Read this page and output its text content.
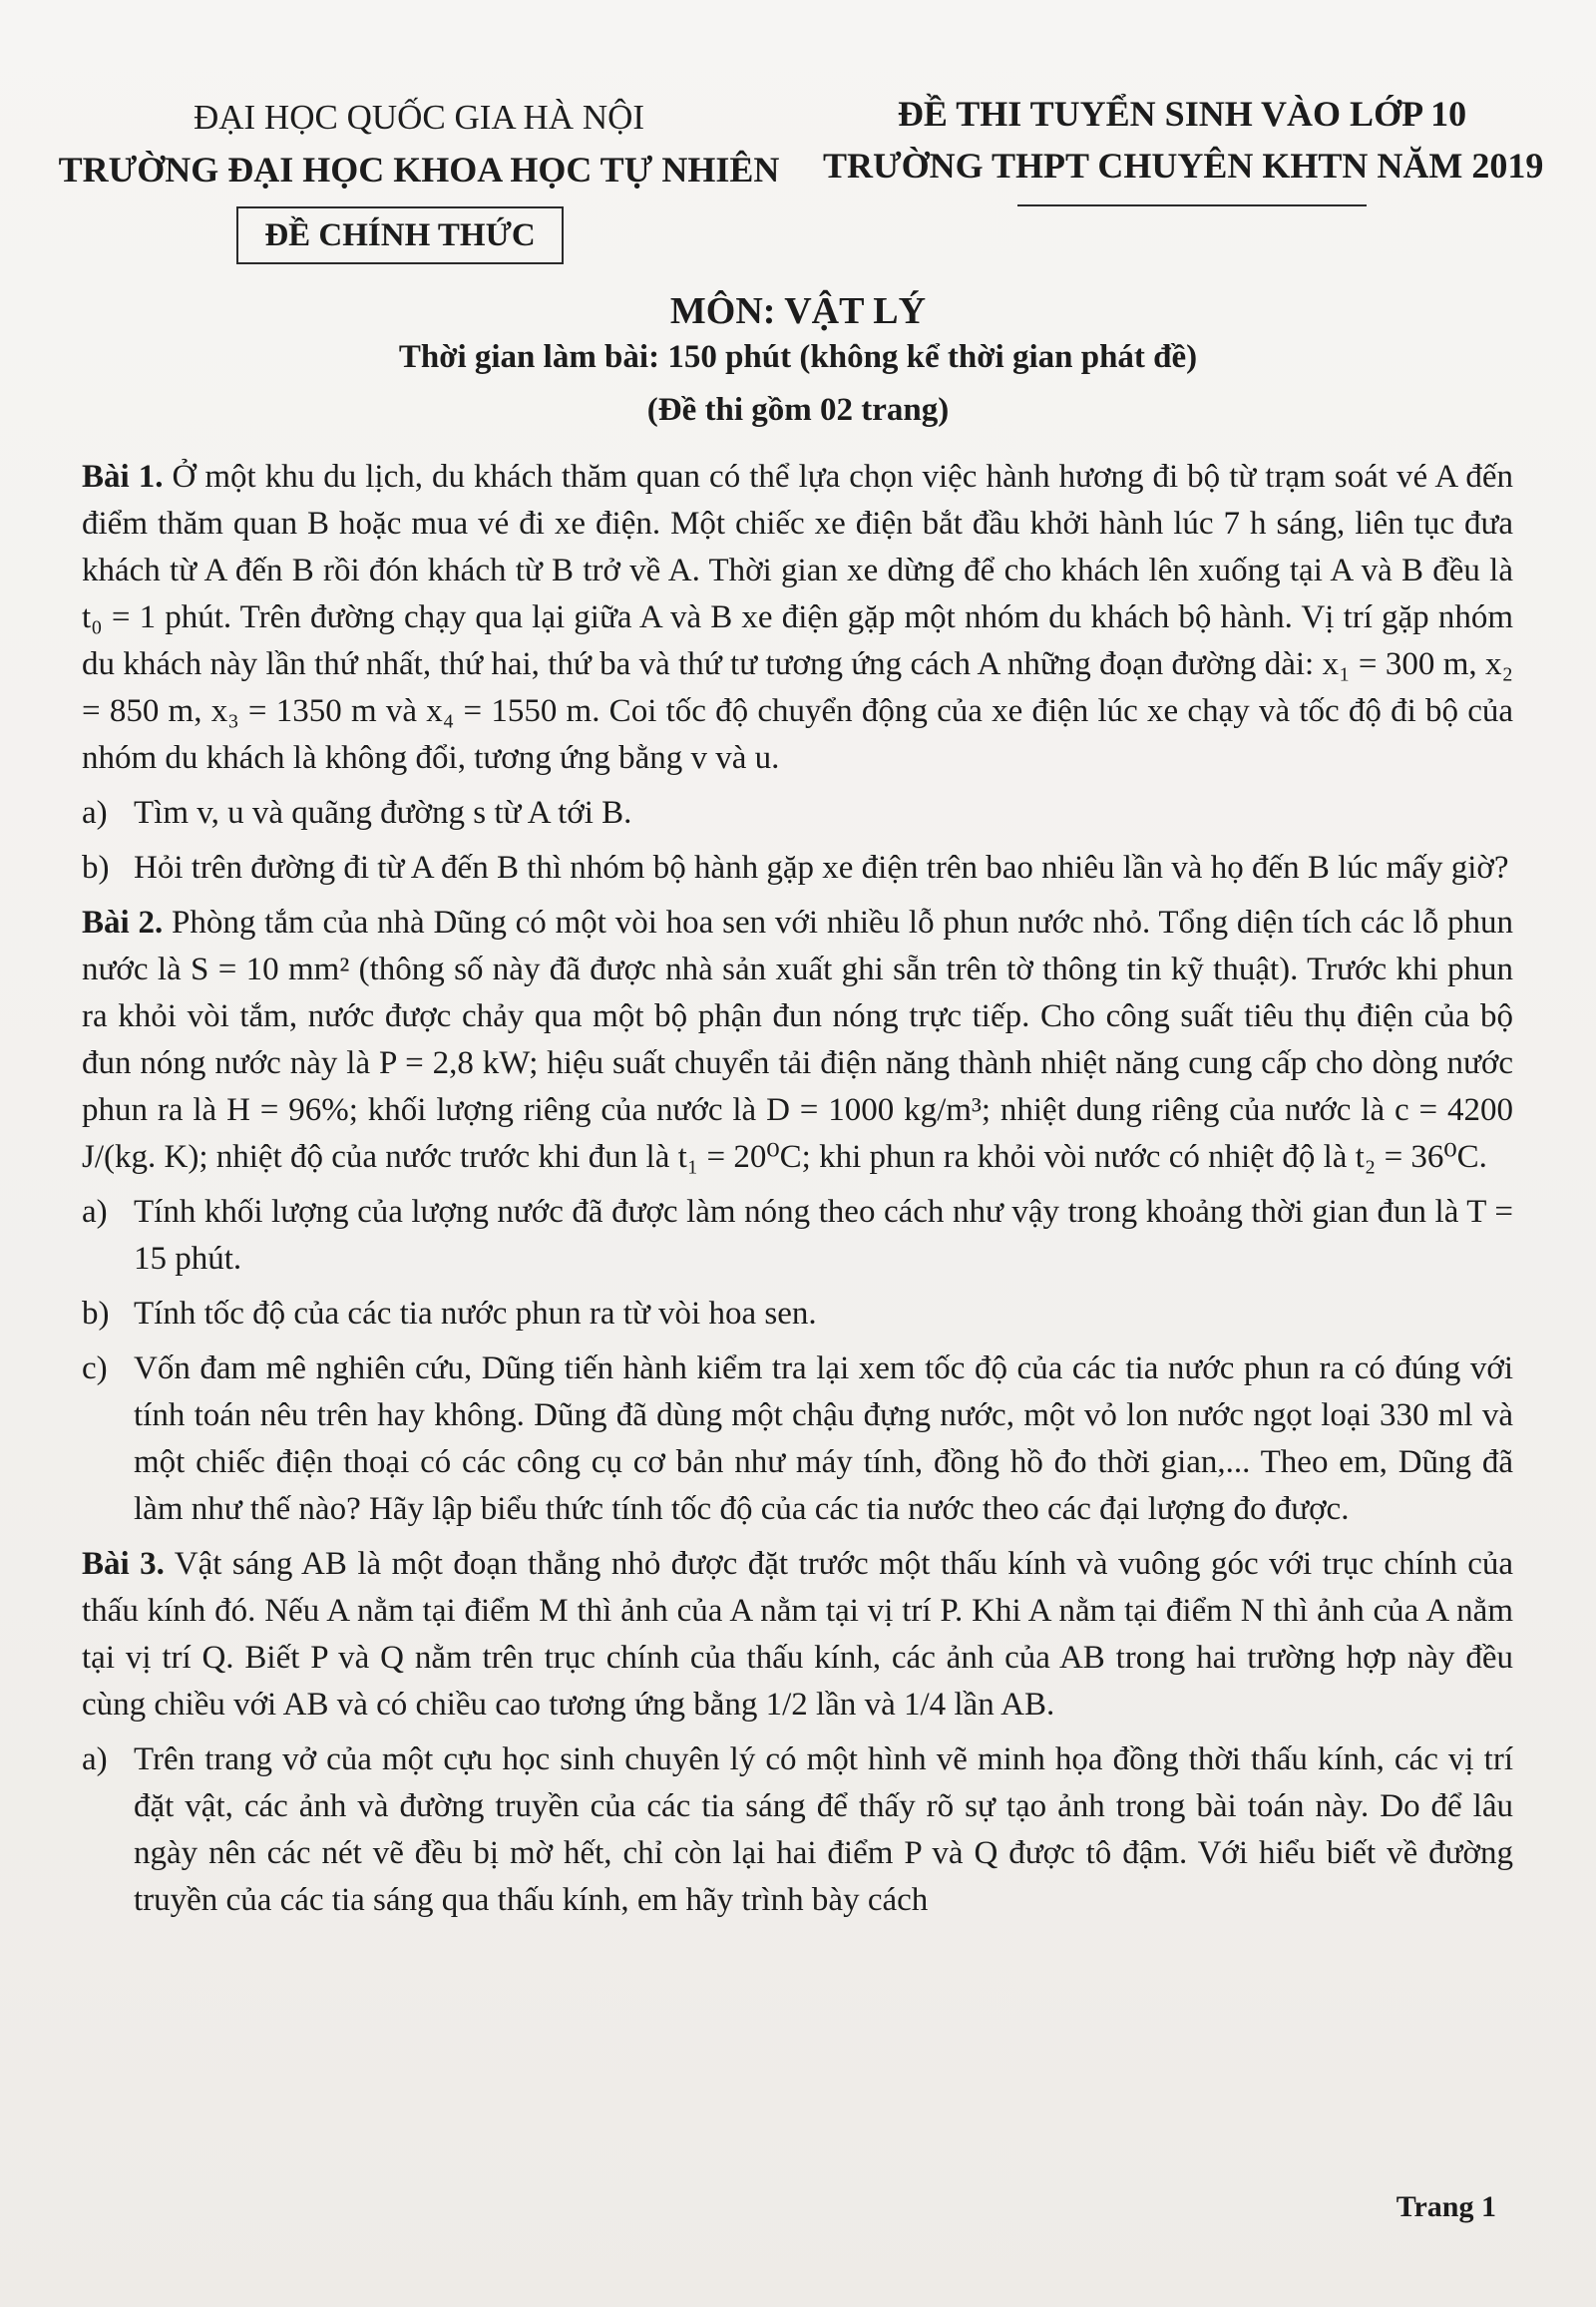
ĐẠI HỌC QUỐC GIA HÀ NỘI
TRƯỜNG ĐẠI HỌC KHOA HỌC TỰ NHIÊN
ĐỀ THI TUYỂN SINH VÀO LỚP 10
TRƯỜNG THPT CHUYÊN KHTN NĂM 2019
ĐỀ CHÍNH THỨC
MÔN: VẬT LÝ
Thời gian làm bài: 150 phút (không kể thời gian phát đề)
(Đề thi gồm 02 trang)

Bài 1. Ở một khu du lịch, du khách thăm quan có thể lựa chọn việc hành hương đi bộ từ trạm soát vé A đến điểm thăm quan B hoặc mua vé đi xe điện. Một chiếc xe điện bắt đầu khởi hành lúc 7 h sáng, liên tục đưa khách từ A đến B rồi đón khách từ B trở về A. Thời gian xe dừng để cho khách lên xuống tại A và B đều là t₀ = 1 phút. Trên đường chạy qua lại giữa A và B xe điện gặp một nhóm du khách bộ hành. Vị trí gặp nhóm du khách này lần thứ nhất, thứ hai, thứ ba và thứ tư tương ứng cách A những đoạn đường dài: x₁ = 300 m, x₂ = 850 m, x₃ = 1350 m và x₄ = 1550 m. Coi tốc độ chuyển động của xe điện lúc xe chạy và tốc độ đi bộ của nhóm du khách là không đổi, tương ứng bằng v và u.

a) Tìm v, u và quãng đường s từ A tới B.
b) Hỏi trên đường đi từ A đến B thì nhóm bộ hành gặp xe điện trên bao nhiêu lần và họ đến B lúc mấy giờ?

Bài 2. Phòng tắm của nhà Dũng có một vòi hoa sen với nhiều lỗ phun nước nhỏ. Tổng diện tích các lỗ phun nước là S = 10 mm² (thông số này đã được nhà sản xuất ghi sẵn trên tờ thông tin kỹ thuật). Trước khi phun ra khỏi vòi tắm, nước được chảy qua một bộ phận đun nóng trực tiếp. Cho công suất tiêu thụ điện của bộ đun nóng nước này là P = 2,8 kW; hiệu suất chuyển tải điện năng thành nhiệt năng cung cấp cho dòng nước phun ra là H = 96%; khối lượng riêng của nước là D = 1000 kg/m³; nhiệt dung riêng của nước là c = 4200 J/(kg. K); nhiệt độ của nước trước khi đun là t₁ = 20⁰C; khi phun ra khỏi vòi nước có nhiệt độ là t₂ = 36⁰C.

a) Tính khối lượng của lượng nước đã được làm nóng theo cách như vậy trong khoảng thời gian đun là T = 15 phút.
b) Tính tốc độ của các tia nước phun ra từ vòi hoa sen.
c) Vốn đam mê nghiên cứu, Dũng tiến hành kiểm tra lại xem tốc độ của các tia nước phun ra có đúng với tính toán nêu trên hay không. Dũng đã dùng một chậu đựng nước, một vỏ lon nước ngọt loại 330 ml và một chiếc điện thoại có các công cụ cơ bản như máy tính, đồng hồ đo thời gian,... Theo em, Dũng đã làm như thế nào? Hãy lập biểu thức tính tốc độ của các tia nước theo các đại lượng đo được.

Bài 3. Vật sáng AB là một đoạn thẳng nhỏ được đặt trước một thấu kính và vuông góc với trục chính của thấu kính đó. Nếu A nằm tại điểm M thì ảnh của A nằm tại vị trí P. Khi A nằm tại điểm N thì ảnh của A nằm tại vị trí Q. Biết P và Q nằm trên trục chính của thấu kính, các ảnh của AB trong hai trường hợp này đều cùng chiều với AB và có chiều cao tương ứng bằng 1/2 lần và 1/4 lần AB.

a) Trên trang vở của một cựu học sinh chuyên lý có một hình vẽ minh họa đồng thời thấu kính, các vị trí đặt vật, các ảnh và đường truyền của các tia sáng để thấy rõ sự tạo ảnh trong bài toán này. Do để lâu ngày nên các nét vẽ đều bị mờ hết, chỉ còn lại hai điểm P và Q được tô đậm. Với hiểu biết về đường truyền của các tia sáng qua thấu kính, em hãy trình bày cách
Trang 1
